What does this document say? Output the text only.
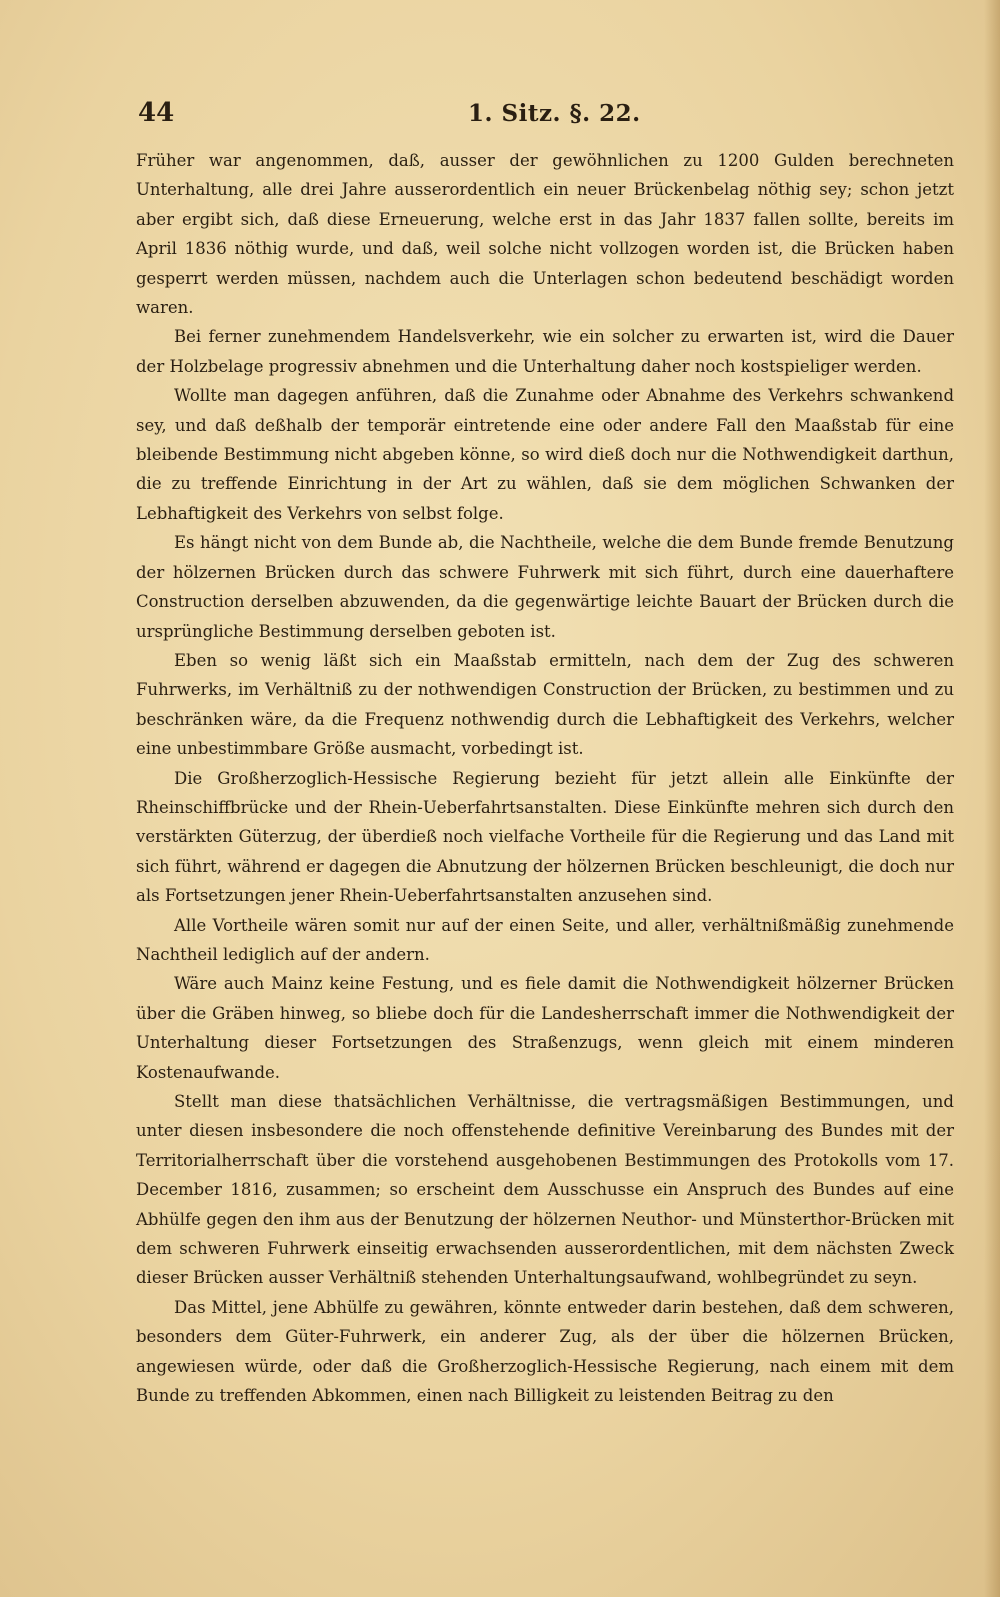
44	1. Sitz. §. 22.

Früher war angenommen, daß, ausser der gewöhnlichen zu 1200 Gulden berechneten Unterhaltung, alle drei Jahre ausserordentlich ein neuer Brückenbelag nöthig sey; schon jetzt aber ergibt sich, daß diese Erneuerung, welche erst in das Jahr 1837 fallen sollte, bereits im April 1836 nöthig wurde, und daß, weil solche nicht vollzogen worden ist, die Brücken haben gesperrt werden müssen, nachdem auch die Unterlagen schon bedeutend beschädigt worden waren.

Bei ferner zunehmendem Handelsverkehr, wie ein solcher zu erwarten ist, wird die Dauer der Holzbelage progressiv abnehmen und die Unterhaltung daher noch kostspieliger werden.

Wollte man dagegen anführen, daß die Zunahme oder Abnahme des Verkehrs schwankend sey, und daß deßhalb der temporär eintretende eine oder andere Fall den Maaßstab für eine bleibende Bestimmung nicht abgeben könne, so wird dieß doch nur die Nothwendigkeit darthun, die zu treffende Einrichtung in der Art zu wählen, daß sie dem möglichen Schwanken der Lebhaftigkeit des Verkehrs von selbst folge.

Es hängt nicht von dem Bunde ab, die Nachtheile, welche die dem Bunde fremde Benutzung der hölzernen Brücken durch das schwere Fuhrwerk mit sich führt, durch eine dauerhaftere Construction derselben abzuwenden, da die gegenwärtige leichte Bauart der Brücken durch die ursprüngliche Bestimmung derselben geboten ist.

Eben so wenig läßt sich ein Maaßstab ermitteln, nach dem der Zug des schweren Fuhrwerks, im Verhältniß zu der nothwendigen Construction der Brücken, zu bestimmen und zu beschränken wäre, da die Frequenz nothwendig durch die Lebhaftigkeit des Verkehrs, welcher eine unbestimmbare Größe ausmacht, vorbedingt ist.

Die Großherzoglich-Hessische Regierung bezieht für jetzt allein alle Einkünfte der Rheinschiffbrücke und der Rhein-Ueberfahrtsanstalten. Diese Einkünfte mehren sich durch den verstärkten Güterzug, der überdieß noch vielfache Vortheile für die Regierung und das Land mit sich führt, während er dagegen die Abnutzung der hölzernen Brücken beschleunigt, die doch nur als Fortsetzungen jener Rhein-Ueberfahrtsanstalten anzusehen sind.

Alle Vortheile wären somit nur auf der einen Seite, und aller, verhältnißmäßig zunehmende Nachtheil lediglich auf der andern.

Wäre auch Mainz keine Festung, und es fiele damit die Nothwendigkeit hölzerner Brücken über die Gräben hinweg, so bliebe doch für die Landesherrschaft immer die Nothwendigkeit der Unterhaltung dieser Fortsetzungen des Straßenzugs, wenn gleich mit einem minderen Kostenaufwande.

Stellt man diese thatsächlichen Verhältnisse, die vertragsmäßigen Bestimmungen, und unter diesen insbesondere die noch offenstehende definitive Vereinbarung des Bundes mit der Territorialherrschaft über die vorstehend ausgehobenen Bestimmungen des Protokolls vom 17. December 1816, zusammen; so erscheint dem Ausschusse ein Anspruch des Bundes auf eine Abhülfe gegen den ihm aus der Benutzung der hölzernen Neuthor- und Münsterthor-Brücken mit dem schweren Fuhrwerk einseitig erwachsenden ausserordentlichen, mit dem nächsten Zweck dieser Brücken ausser Verhältniß stehenden Unterhaltungsaufwand, wohlbegründet zu seyn.

Das Mittel, jene Abhülfe zu gewähren, könnte entweder darin bestehen, daß dem schweren, besonders dem Güter-Fuhrwerk, ein anderer Zug, als der über die hölzernen Brücken, angewiesen würde, oder daß die Großherzoglich-Hessische Regierung, nach einem mit dem Bunde zu treffenden Abkommen, einen nach Billigkeit zu leistenden Beitrag zu den
